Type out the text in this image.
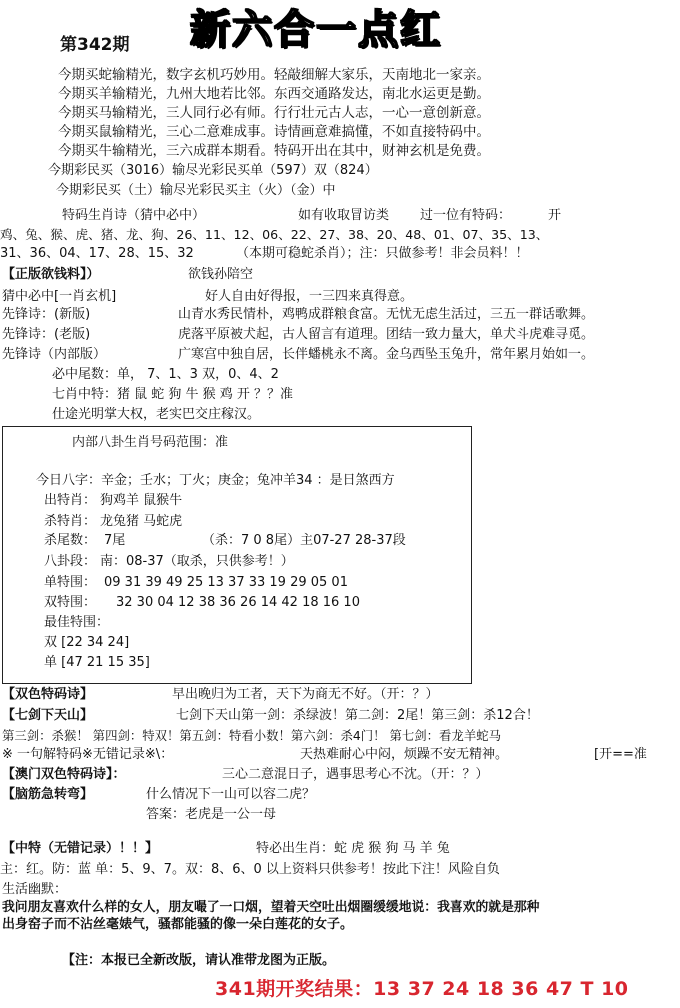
第342期 新六合一点红
今期买蛇输精光，数字玄机巧妙用。轻敲细解大家乐，天南地北一家亲。
今期买羊输精光，九州大地若比邻。东西交通路发达，南北水运更是勤。
今期买马输精光，三人同行必有师。行行壮元古人志，一心一意创新意。
今期买鼠输精光，三心二意难成事。诗情画意难搞懂，不如直接特码中。
今期买牛输精光，三六成群本期看。特码开出在其中，财神玄机是免费。
今期彩民买（3016）输尽光彩民买单（597）双（824）
今期彩民买（土）输尽光彩民买主（火）（金）中
特码生肖诗（猜中必中）	如有收取冒访类 过一位有特码：	开
鸡、兔、猴、虎、猪、龙、狗、26、11、12、06、22、27、38、20、48、01、07、35、13、
31、36、04、17、28、15、32	（本期可稳蛇杀肖）；注：只做参考！非会员料！！
【正版欲钱料】）	欲钱孙陪空
猜中必中[一肖玄机]	好人自由好得报，一三四来真得意。
先锋诗：(新版)	山青水秀民情朴，鸡鸭成群粮食富。无忧无虑生活过，三五一群话歌舞。
先锋诗：(老版)	虎落平原被犬起，古人留言有道理。团结一致力量大，单犬斗虎难寻觅。
先锋诗（内部版）	广寒宫中独自居，长伴蟠桃永不离。金乌西坠玉兔升，常年累月始如一。
必中尾数：单， 7、1、3 双，0、4、2
七肖中特：猪 鼠 蛇 狗 牛 猴 鸡 开 ？？准
仕途光明掌大权，老实巴交庄稼汉。
内部八卦生肖号码范围：准
今日八字：辛金；壬水；丁火；庚金；兔冲羊34 ：是日煞西方
出特肖： 狗鸡羊 鼠猴牛
杀特肖： 龙兔猪 马蛇虎
杀尾数： 7尾	（杀：7 0 8尾）主07-27 28-37段
八卦段： 南：08-37（取杀，只供参考！）
单特围： 09 31 39 49 25 13 37 33 19 29 05 01
双特围： 32 30 04 12 38 36 26 14 42 18 16 10
最佳特围：
双 [22 34 24]
单 [47 21 15 35]
【双色特码诗】	早出晚归为工者，天下为商无不好。（开：？）
【七剑下天山】	七剑下天山第一剑：杀绿波！第二剑：2尾！第三剑：杀12合！
第三剑：杀猴！ 第四剑：特双！第五剑：特看小数！第六剑：杀4门！ 第七剑：看龙羊蛇马
※ 一句解特码※无错记录※\：	天热难耐心中闷，烦躁不安无精神。	[开==准
【澳门双色特码诗】：	三心二意混日子，遇事思考心不沈。（开：？）
【脑筋急转弯】	什么情况下一山可以容二虎？
答案：老虎是一公一母
【中特（无错记录）！！】	特必出生肖：蛇 虎 猴 狗 马 羊 兔
主：红。防：蓝 单：5、9、7。双：8、6、0 以上资料只供参考！按此下注！风险自负
生活幽默：
我问朋友喜欢什么样的女人，朋友嘬了一口烟，望着天空吐出烟圈缓缓地说：我喜欢的就是那种
出身窑子而不沾丝毫婊气，骚都能骚的像一朵白莲花的女子。
【注：本报已全新改版，请认准带龙图为正版。
341期开奖结果：13 37 24 18 36 47 T 10
